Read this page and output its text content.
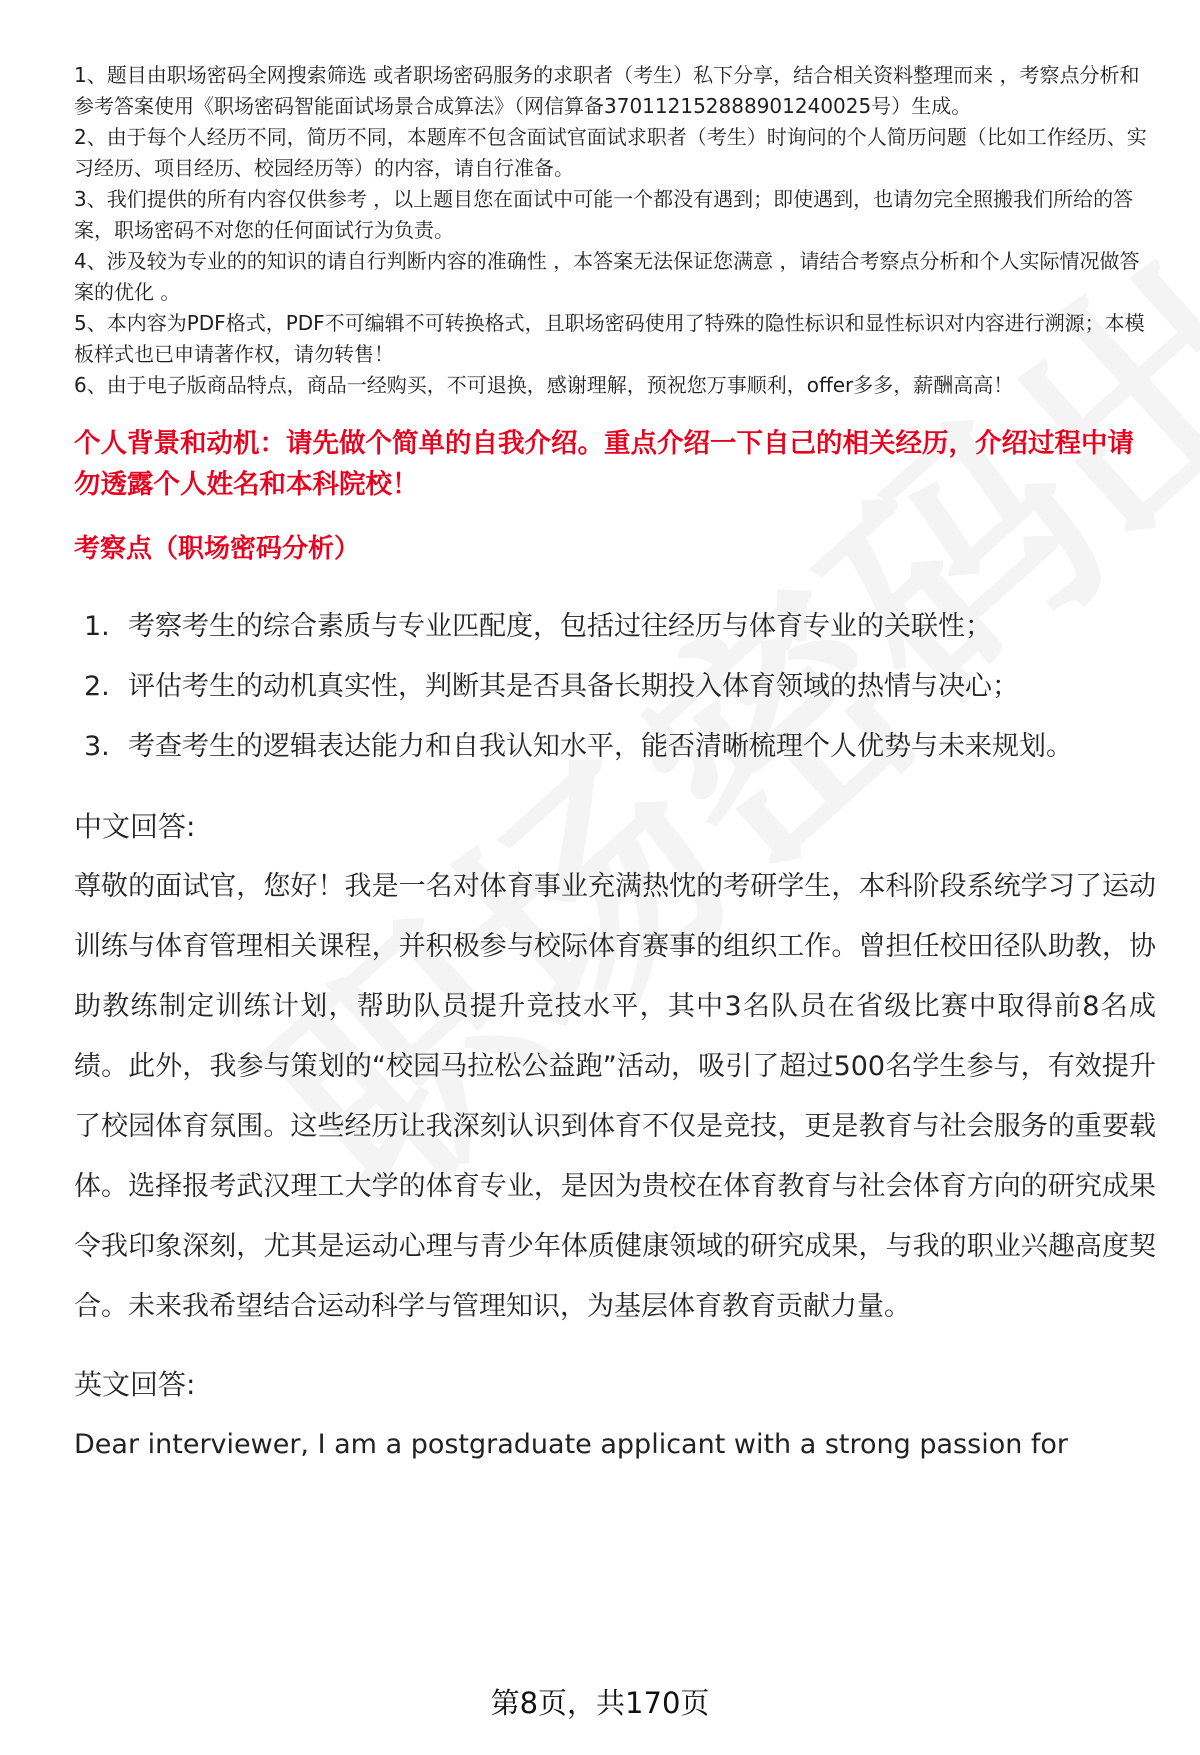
1、题目由职场密码全网搜索筛选 或者职场密码服务的求职者（考生）私下分享，结合相关资料整理而来 ，考察点分析和参考答案使用《职场密码智能面试场景合成算法》（网信算备370112152888901240025号）生成。

2、由于每个人经历不同，简历不同，本题库不包含面试官面试求职者（考生）时询问的个人简历问题（比如工作经历、实习经历、项目经历、校园经历等）的内容，请自行准备。

3、我们提供的所有内容仅供参考 ，以上题目您在面试中可能一个都没有遇到；即使遇到，也请勿完全照搬我们所给的答案，职场密码不对您的任何面试行为负责。

4、涉及较为专业的的知识的请自行判断内容的准确性 ，本答案无法保证您满意 ，请结合考察点分析和个人实际情况做答案的优化 。

5、本内容为PDF格式，PDF不可编辑不可转换格式，且职场密码使用了特殊的隐性标识和显性标识对内容进行溯源；本模板样式也已申请著作权，请勿转售！

6、由于电子版商品特点，商品一经购买，不可退换，感谢理解，预祝您万事顺利，offer多多，薪酬高高！

个人背景和动机：请先做个简单的自我介绍。重点介绍一下自己的相关经历，介绍过程中请勿透露个人姓名和本科院校！
考察点（职场密码分析）
1. 考察考生的综合素质与专业匹配度，包括过往经历与体育专业的关联性；
2. 评估考生的动机真实性，判断其是否具备长期投入体育领域的热情与决心；
3. 考查考生的逻辑表达能力和自我认知水平，能否清晰梳理个人优势与未来规划。
中文回答:

尊敬的面试官，您好！我是一名对体育事业充满热忱的考研学生，本科阶段系统学习了运动训练与体育管理相关课程，并积极参与校际体育赛事的组织工作。曾担任校田径队助教，协助教练制定训练计划，帮助队员提升竞技水平，其中3名队员在省级比赛中取得前8名成绩。此外，我参与策划的“校园马拉松公益跑”活动，吸引了超过500名学生参与，有效提升了校园体育氛围。这些经历让我深刻认识到体育不仅是竞技，更是教育与社会服务的重要载体。选择报考武汉理工大学的体育专业，是因为贵校在体育教育与社会体育方向的研究成果令我印象深刻，尤其是运动心理与青少年体质健康领域的研究成果，与我的职业兴趣高度契合。未来我希望结合运动科学与管理知识，为基层体育教育贡献力量。

英文回答:

Dear interviewer, I am a postgraduate applicant with a strong passion for

第8页，共170页
